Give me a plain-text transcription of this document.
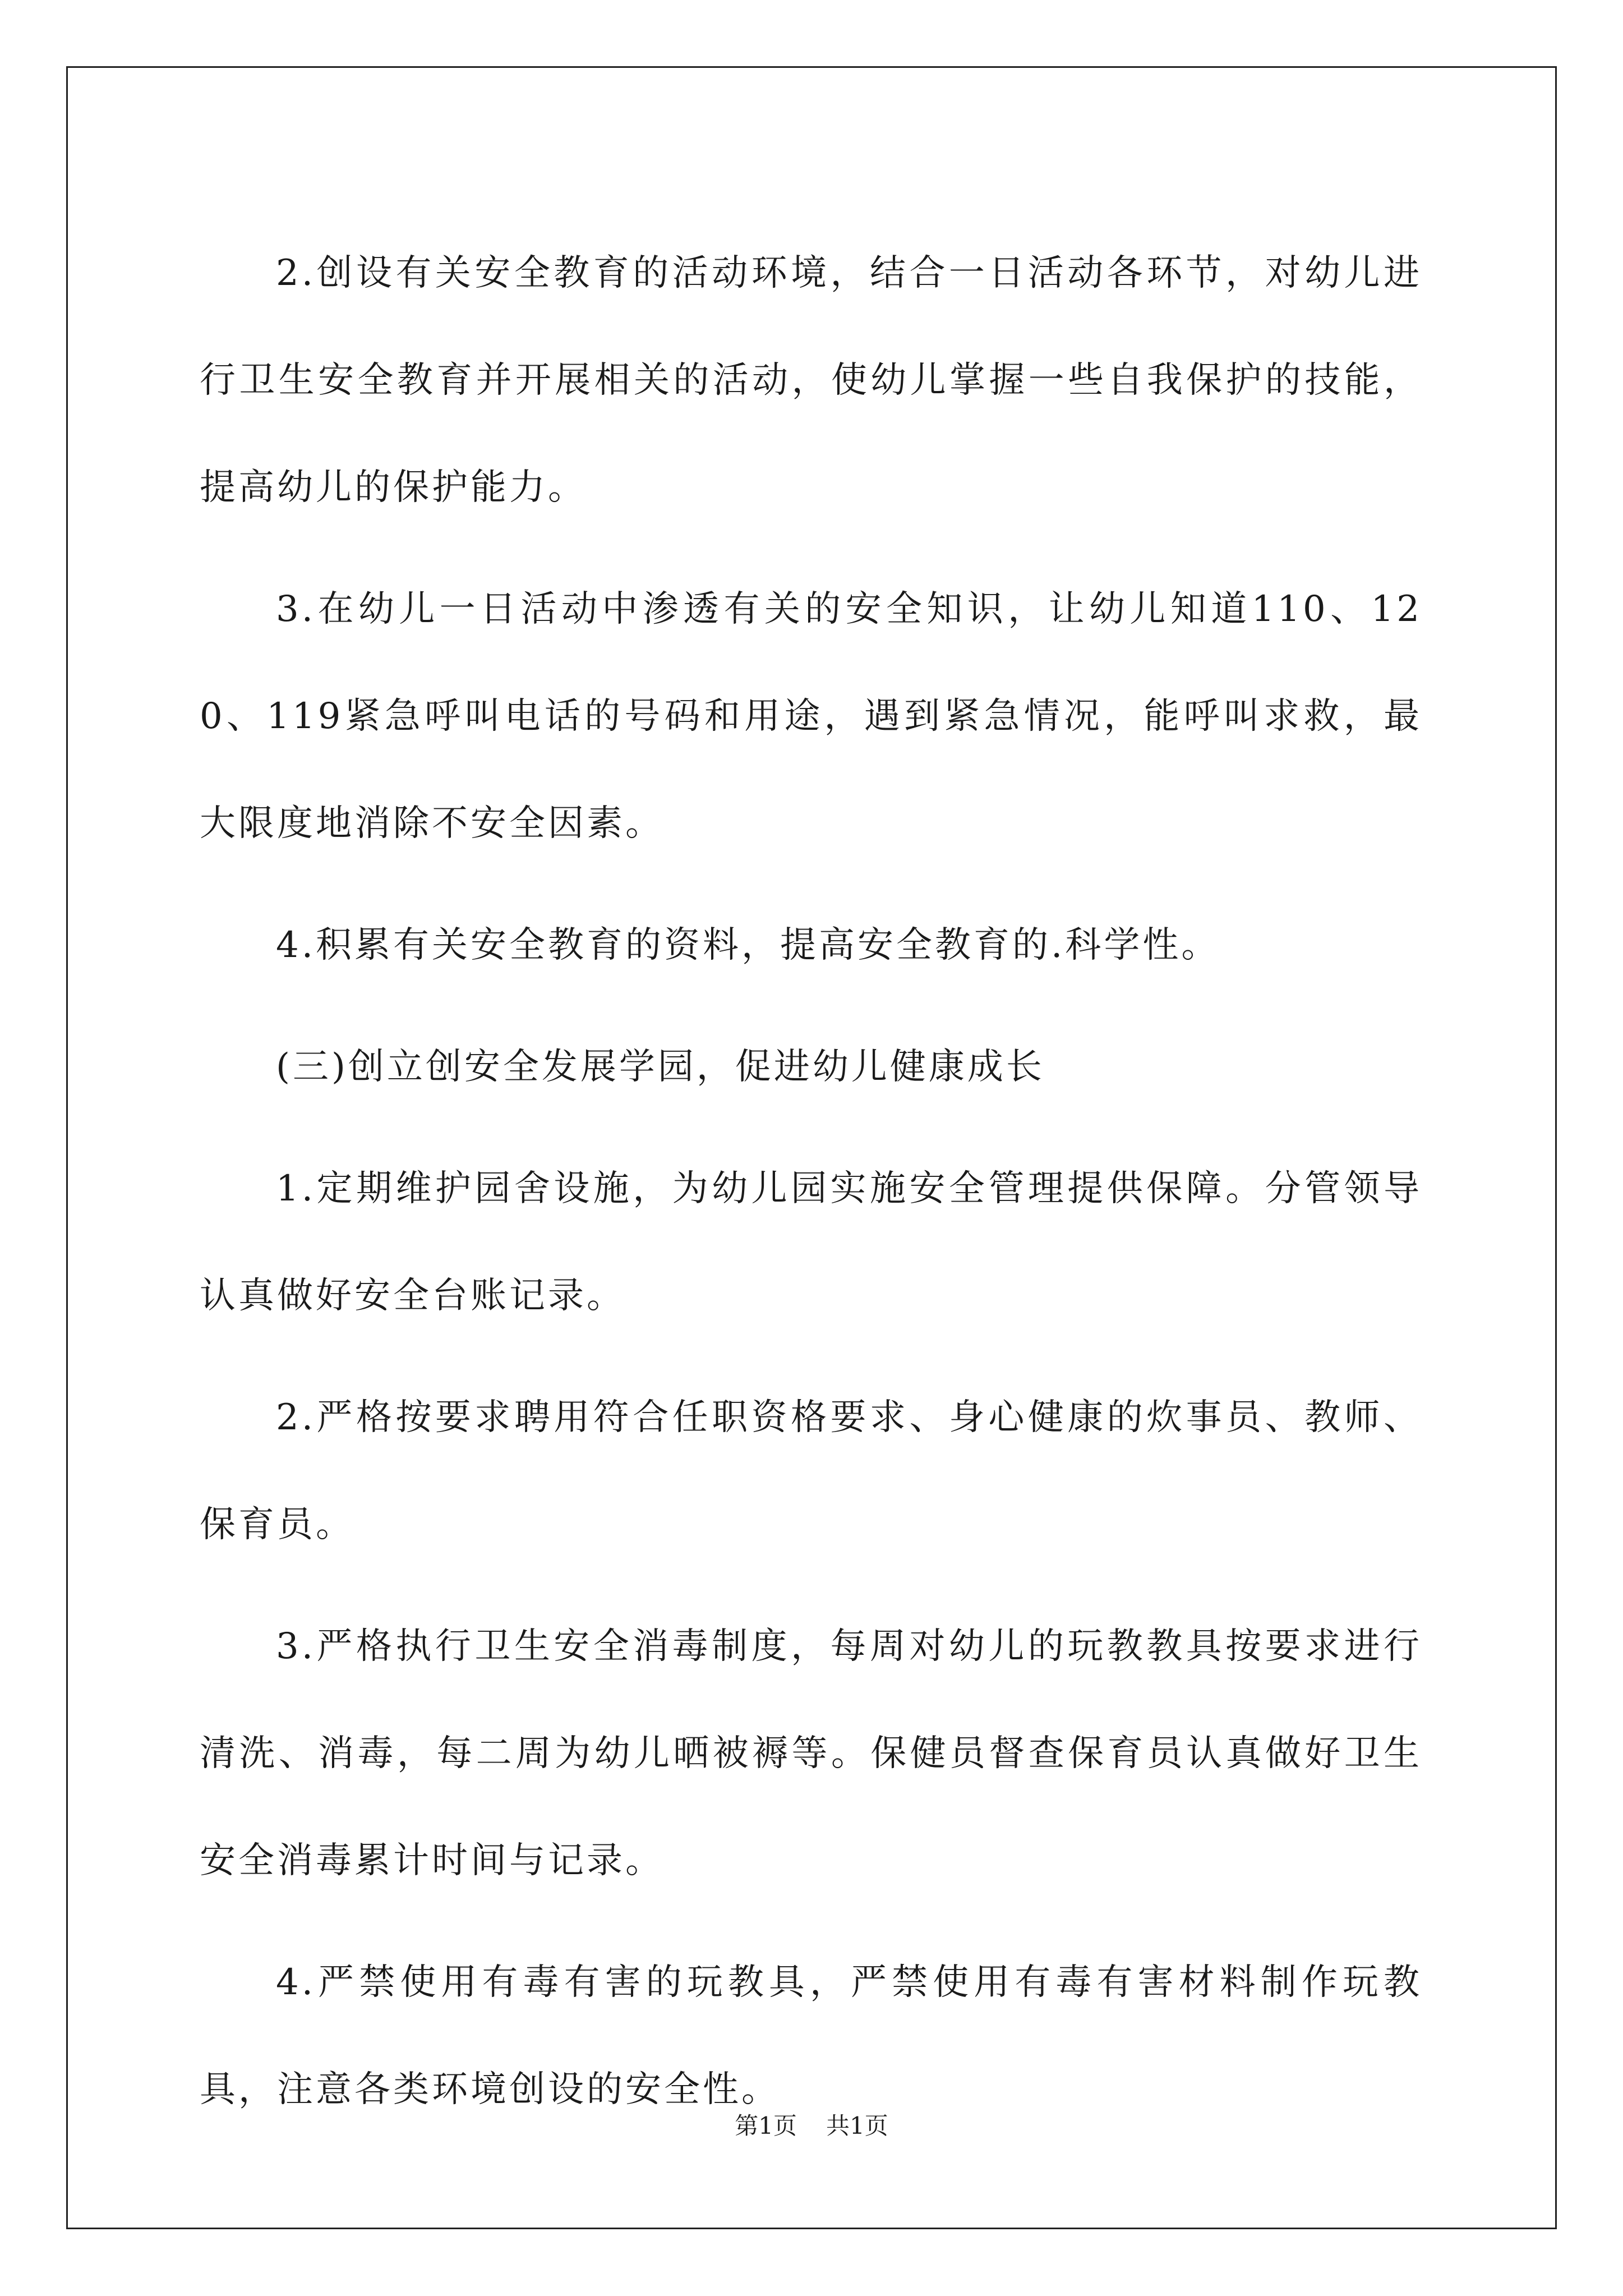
2.创设有关安全教育的活动环境，结合一日活动各环节，对幼儿进行卫生安全教育并开展相关的活动，使幼儿掌握一些自我保护的技能，提高幼儿的保护能力。

3.在幼儿一日活动中渗透有关的安全知识，让幼儿知道110、120、119紧急呼叫电话的号码和用途，遇到紧急情况，能呼叫求救，最大限度地消除不安全因素。

4.积累有关安全教育的资料，提高安全教育的.科学性。

(三)创立创安全发展学园，促进幼儿健康成长

1.定期维护园舍设施，为幼儿园实施安全管理提供保障。分管领导认真做好安全台账记录。

2.严格按要求聘用符合任职资格要求、身心健康的炊事员、教师、保育员。

3.严格执行卫生安全消毒制度，每周对幼儿的玩教教具按要求进行清洗、消毒，每二周为幼儿晒被褥等。保健员督查保育员认真做好卫生安全消毒累计时间与记录。

4.严禁使用有毒有害的玩教具，严禁使用有毒有害材料制作玩教具，注意各类环境创设的安全性。

第1页 共1页
